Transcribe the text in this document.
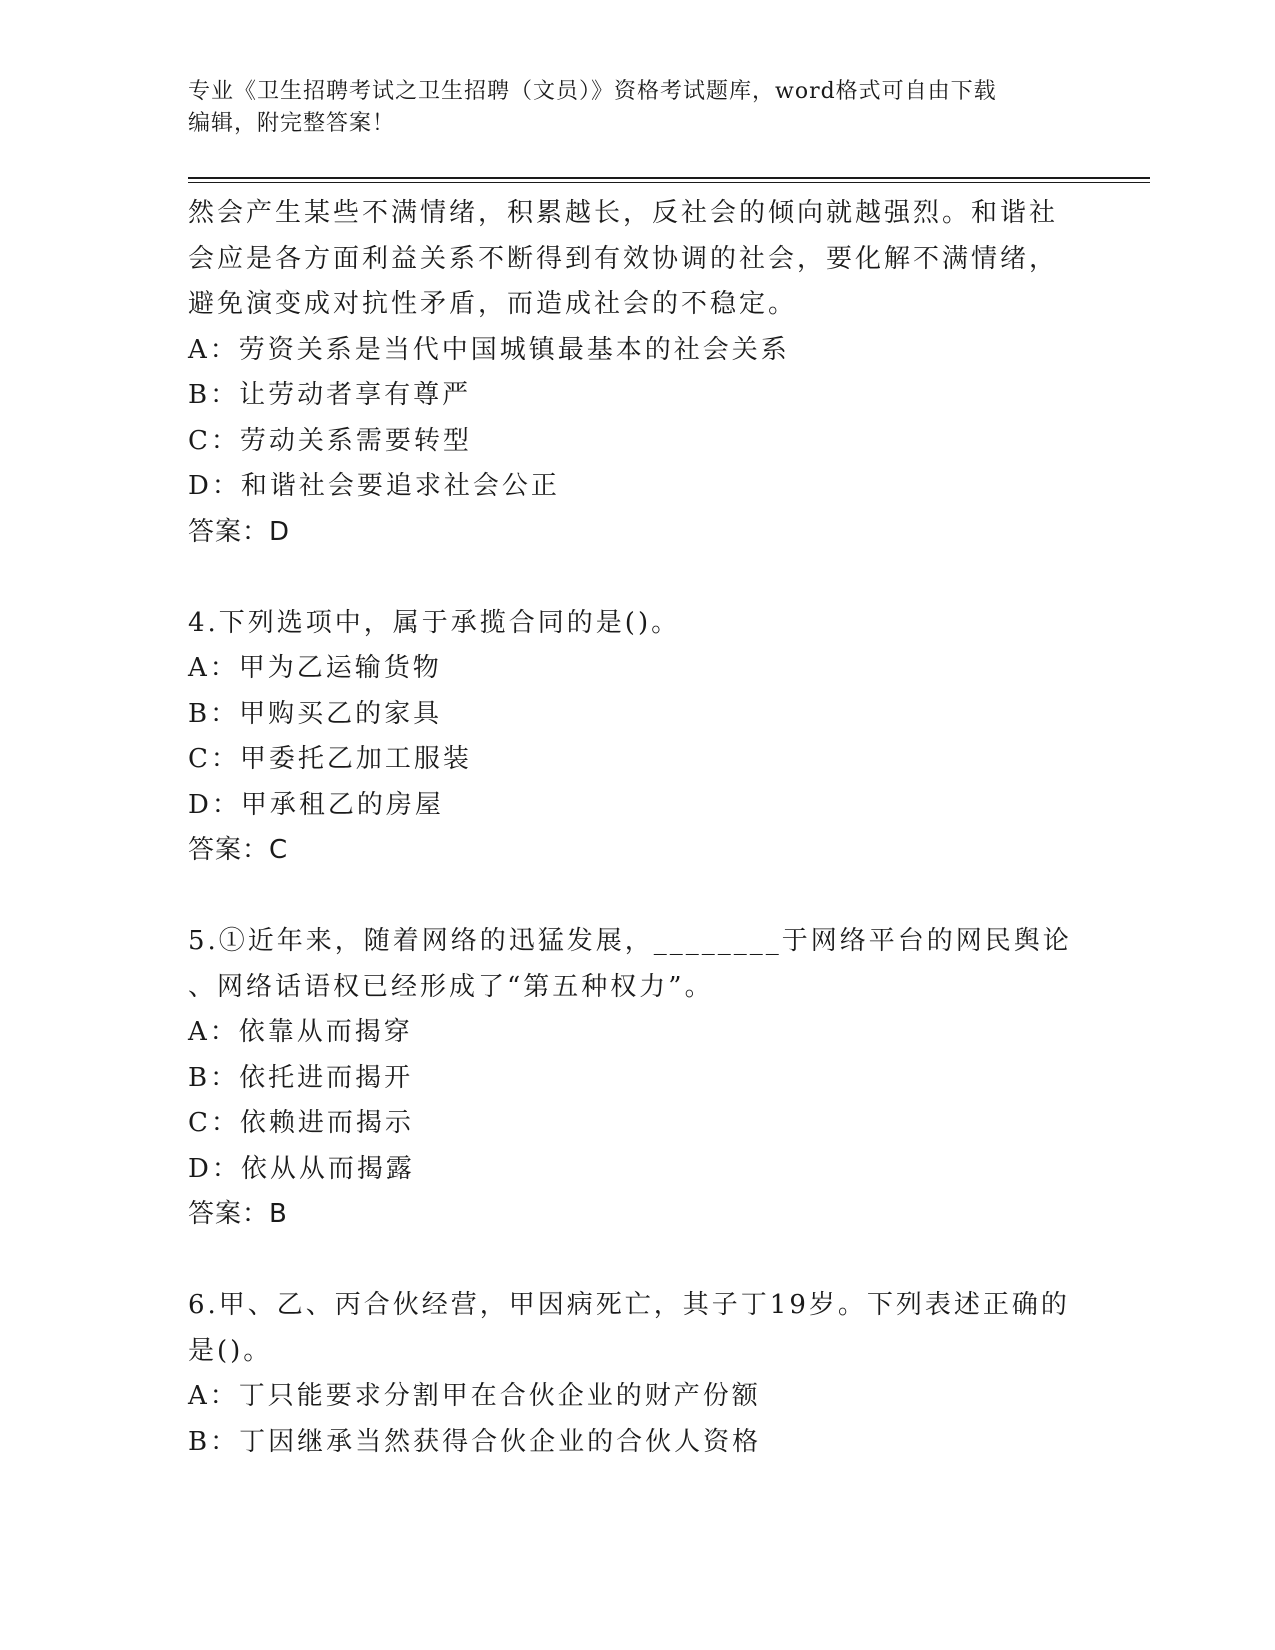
专业《卫生招聘考试之卫生招聘（文员）》资格考试题库，word格式可自由下载
编辑，附完整答案！
然会产生某些不满情绪，积累越长，反社会的倾向就越强烈。和谐社
会应是各方面利益关系不断得到有效协调的社会，要化解不满情绪，
避免演变成对抗性矛盾，而造成社会的不稳定。
A：劳资关系是当代中国城镇最基本的社会关系
B：让劳动者享有尊严
C：劳动关系需要转型
D：和谐社会要追求社会公正
答案：D
4.下列选项中，属于承揽合同的是()。
A：甲为乙运输货物
B：甲购买乙的家具
C：甲委托乙加工服装
D：甲承租乙的房屋
答案：C
5.①近年来，随着网络的迅猛发展，________于网络平台的网民舆论
、网络话语权已经形成了“第五种权力”。
A：依靠从而揭穿
B：依托进而揭开
C：依赖进而揭示
D：依从从而揭露
答案：B
6.甲、乙、丙合伙经营，甲因病死亡，其子丁19岁。下列表述正确的
是()。
A：丁只能要求分割甲在合伙企业的财产份额
B：丁因继承当然获得合伙企业的合伙人资格
